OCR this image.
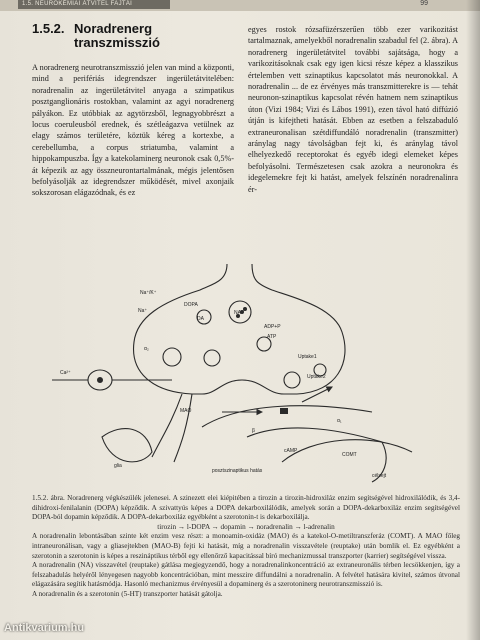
1.5. NEUROKÉMIAI ÁTVITEL FAJTÁI	99
1.5.2. Noradrenerg
transzmisszió
A noradrenerg neurotranszmisszió jelen van mind a központi, mind a perifériás idegrendszer ingerületátvitelében: noradrenalin az ingerületátvitel anyaga a szimpatikus posztganglionáris rostokban, valamint az agyi noradrenerg pályákon. Ez utóbbiak az agytörzsből, legnagyobbrészt a locus coeruleusból erednek, és szétleágazva vetülnek az elagy számos területére, köztük kéreg a kortexbe, a cerebellumba, a corpus striatumba, valamint a hippokampuszba. Így a katekolaminerg neuronok csak 0,5%-át képezik az agy összneurontartalmának, mégis jelentősen befolyásolják az idegrendszer működését, mivel axonjaik sokszorosan elágazódnak, és ez
egyes rostok rózsafüzérszerűen több ezer varikozitást tartalmaznak, amelyekből noradrenalin szabadul fel (2. ábra). A noradrenerg ingerületátvitel további sajátsága, hogy a varikozitásoknak csak egy igen kicsi része képez a klasszikus értelemben vett szinaptikus kapcsolatot más neuronokkal. A noradrenalin ... de ez érvényes más transzmitterekre is — tehát neuronon-szinaptikus kapcsolat révén hatnem nem szinaptikus úton (Vizi 1984; Vizi és Lábos 1991), ezen távol ható diffúzió útján is kifejtheti hatását. Ebben az esetben a felszabaduló extraneuronalisan szétdiffundáló noradrenalin (transzmitter) aránylag nagy távolságban fejt ki, és aránylag távol elhelyezkedő receptorokat és egyéb idegi elemeket képes befolyásolni. Természetesen csak azokra a neuronokra és idegelemekre fejt ki hatást, amelyek felszínén noradrenalinra ér-
Na⁺/K⁺
Na⁺
DOPA
DA
NA
ADP+P
ATP
α₂
Uptake1
Uptake2
β
α₁
cAMP
COMT
MAO
célsejt
glia
Ca²⁺
posztszinaptikus hatás

1.5.2. ábra. Noradrenerg végkészülék jelenesei. A szinezett elei kiépitében a tirozin a tirozin-hidroxiláz enzim segítségével hidroxilálódik, és 3,4-dihidroxi-fenilalanin (DOPA) képződik. A szivattyús képes a DOPA dekarboxilálódik, amelyek során a DOPA-dekarboxiláz enzim segítségével DOPA-ból dopamin képződik. A DOPA-dekarboxiláz egyébként a szerotonin-t is dekarboxilálja.

tirozin → l-DOPA → dopamin → noradrenalin → l-adrenalin

A noradrenalin lebontásában szinte két enzim vesz részt: a monoamin-oxidáz (MAO) és a katekol-O-metiltranszferáz (COMT). A MAO főleg intraneuronálisan, vagy a gliasejtekben (MAO-B) fejti ki hatását, míg a noradrenalin visszavétele (reuptake) után bomlik el. Ez egyébként a szerotonin a szerotonin is képes a reszináptikus térből egy ellenőrző kapacitással bíró mechanizmussal transzporter (karrier) segítségével vissza.

A noradrenalin (NA) visszavétel (reuptake) gátlása megjegyzendő, hogy a noradrenalinkoncentráció az extraneuronális térben lecsökkenjen, így a felszabadulás helyéről lényegesen nagyobb koncentrációban, mint messzire diffundálni a noradrenalin. A felvétel hatására kivitel, számos útvonal elágazására segítik hatásmódja. Hasonló mechanizmus érvényesül a dopaminerg és a szerotoninerg neurotranszmisszió is.

A noradrenalin és a szerotonin (5-HT) transzporter hatását gátolja.

Antikvarium.hu
